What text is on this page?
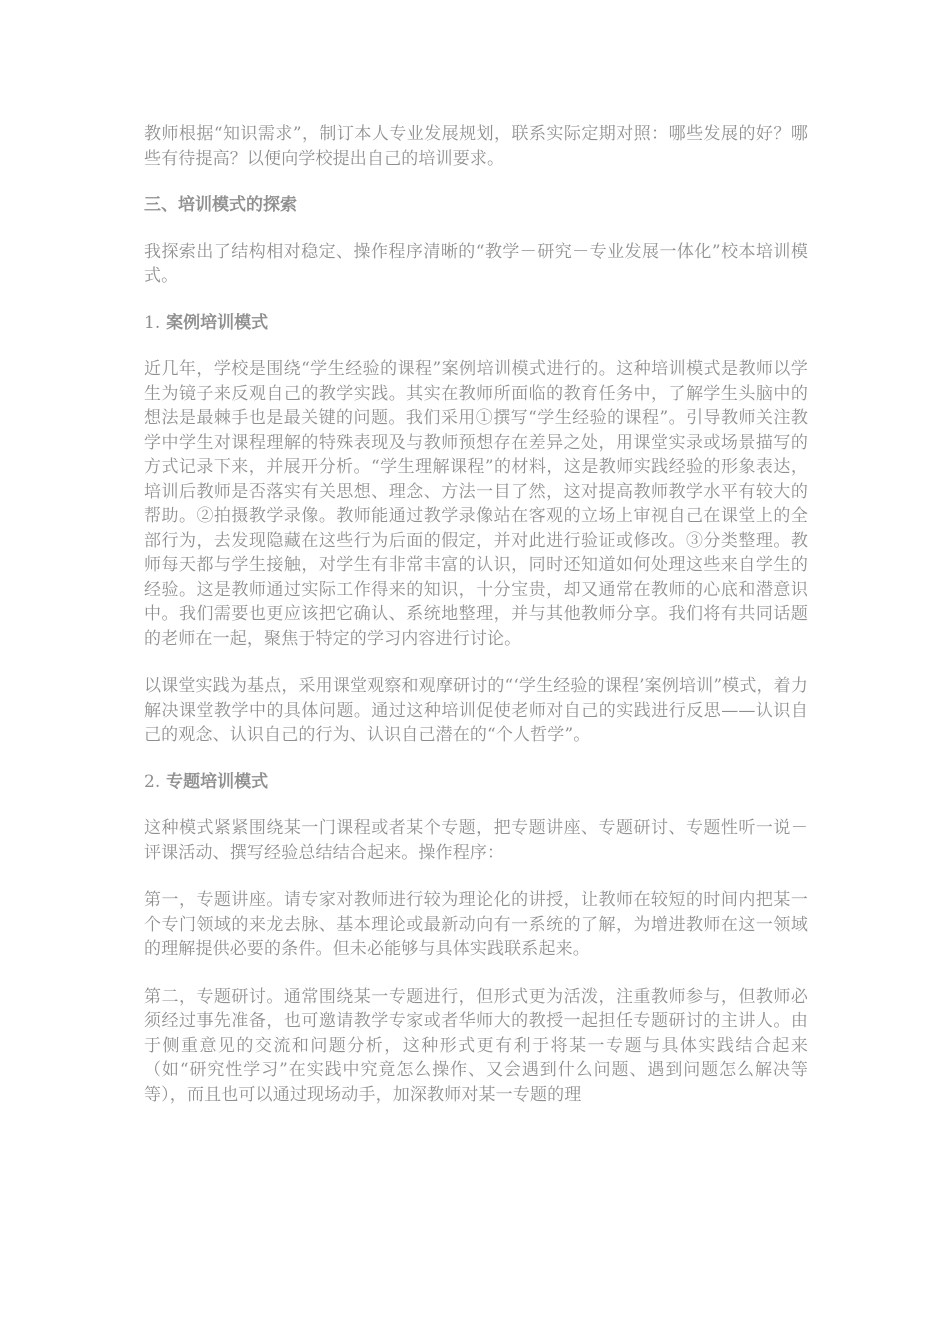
教师根据“知识需求”，制订本人专业发展规划，联系实际定期对照：哪些发展的好？哪些有待提高？以便向学校提出自己的培训要求。

三、培训模式的探索

我探索出了结构相对稳定、操作程序清晰的“教学－研究－专业发展一体化”校本培训模式。

1. 案例培训模式

近几年，学校是围绕“学生经验的课程”案例培训模式进行的。这种培训模式是教师以学生为镜子来反观自己的教学实践。其实在教师所面临的教育任务中，了解学生头脑中的想法是最棘手也是最关键的问题。我们采用①撰写“学生经验的课程”。引导教师关注教学中学生对课程理解的特殊表现及与教师预想存在差异之处，用课堂实录或场景描写的方式记录下来，并展开分析。“学生理解课程”的材料，这是教师实践经验的形象表达，培训后教师是否落实有关思想、理念、方法一目了然，这对提高教师教学水平有较大的帮助。②拍摄教学录像。教师能通过教学录像站在客观的立场上审视自己在课堂上的全部行为，去发现隐藏在这些行为后面的假定，并对此进行验证或修改。③分类整理。教师每天都与学生接触，对学生有非常丰富的认识，同时还知道如何处理这些来自学生的经验。这是教师通过实际工作得来的知识，十分宝贵，却又通常在教师的心底和潜意识中。我们需要也更应该把它确认、系统地整理，并与其他教师分享。我们将有共同话题的老师在一起，聚焦于特定的学习内容进行讨论。

以课堂实践为基点，采用课堂观察和观摩研讨的“‘学生经验的课程’案例培训”模式，着力解决课堂教学中的具体问题。通过这种培训促使老师对自己的实践进行反思——认识自己的观念、认识自己的行为、认识自己潜在的“个人哲学”。

2. 专题培训模式

这种模式紧紧围绕某一门课程或者某个专题，把专题讲座、专题研讨、专题性听一说－评课活动、撰写经验总结结合起来。操作程序：

第一，专题讲座。请专家对教师进行较为理论化的讲授，让教师在较短的时间内把某一个专门领域的来龙去脉、基本理论或最新动向有一系统的了解，为增进教师在这一领域的理解提供必要的条件。但未必能够与具体实践联系起来。

第二，专题研讨。通常围绕某一专题进行，但形式更为活泼，注重教师参与，但教师必须经过事先准备，也可邀请教学专家或者华师大的教授一起担任专题研讨的主讲人。由于侧重意见的交流和问题分析，这种形式更有利于将某一专题与具体实践结合起来（如“研究性学习”在实践中究竟怎么操作、又会遇到什么问题、遇到问题怎么解决等等），而且也可以通过现场动手，加深教师对某一专题的理
